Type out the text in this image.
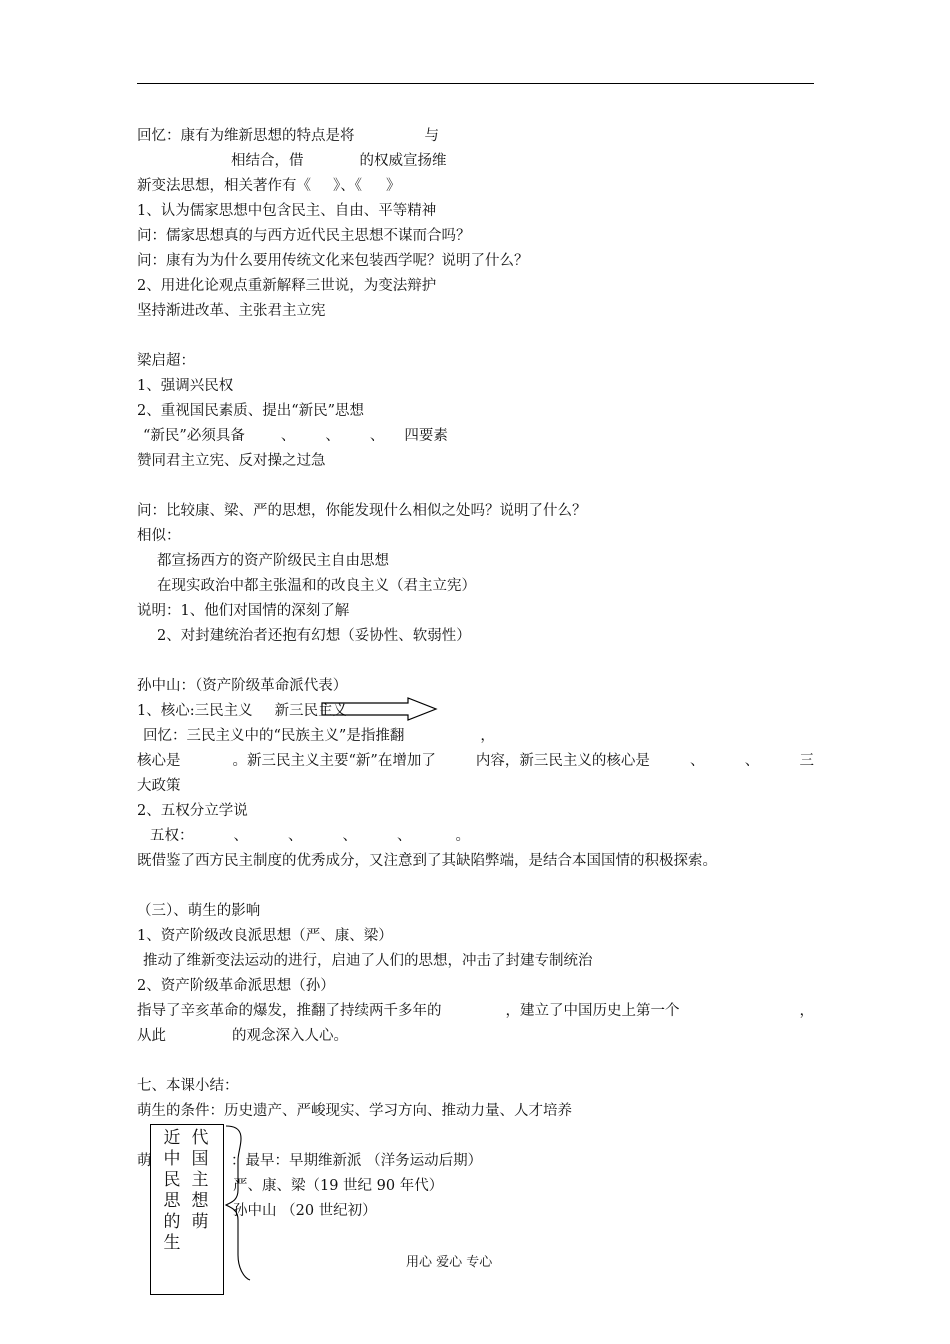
回忆：康有为维新思想的特点是将	与
相结合，借	的权威宣扬维
新变法思想，相关著作有《 》、《 》
1、认为儒家思想中包含民主、自由、平等精神
问：儒家思想真的与西方近代民主思想不谋而合吗？
问：康有为为什么要用传统文化来包装西学呢？说明了什么？
2、用进化论观点重新解释三世说，为变法辩护
坚持渐进改革、主张君主立宪
梁启超：
1、强调兴民权
2、重视国民素质、提出“新民”思想
“新民”必须具备 、 、 、 四要素
赞同君主立宪、反对操之过急
问：比较康、梁、严的思想，你能发现什么相似之处吗？说明了什么？
相似：
都宣扬西方的资产阶级民主自由思想
在现实政治中都主张温和的改良主义（君主立宪）
说明：1、他们对国情的深刻了解
2、对封建统治者还抱有幻想（妥协性、软弱性）
孙中山：（资产阶级革命派代表）
1、核心:三民主义 新三民主义
回忆：三民主义中的“民族主义”是指推翻	，
核心是	。新三民主义主要“新”在增加了	内容，新三民主义的核心是	、	、	三
大政策
2、五权分立学说
五权：	、	、	、	、	。
既借鉴了西方民主制度的优秀成分，又注意到了其缺陷弊端，是结合本国国情的积极探索。
（三）、萌生的影响
1、资产阶级改良派思想（严、康、梁）
推动了维新变法运动的进行，启迪了人们的思想，冲击了封建专制统治
2、资产阶级革命派思想（孙）
指导了辛亥革命的爆发，推翻了持续两千多年的	，建立了中国历史上第一个	，
从此	的观念深入人心。
七、本课小结：
萌生的条件：历史遗产、严峻现实、学习方向、推动力量、人才培养
萌	：最早：早期维新派 （洋务运动后期）
严、康、梁（19 世纪 90 年代）
孙中山 （20 世纪初）
近中民思的生
代国主想萌
用心 爱心 专心
